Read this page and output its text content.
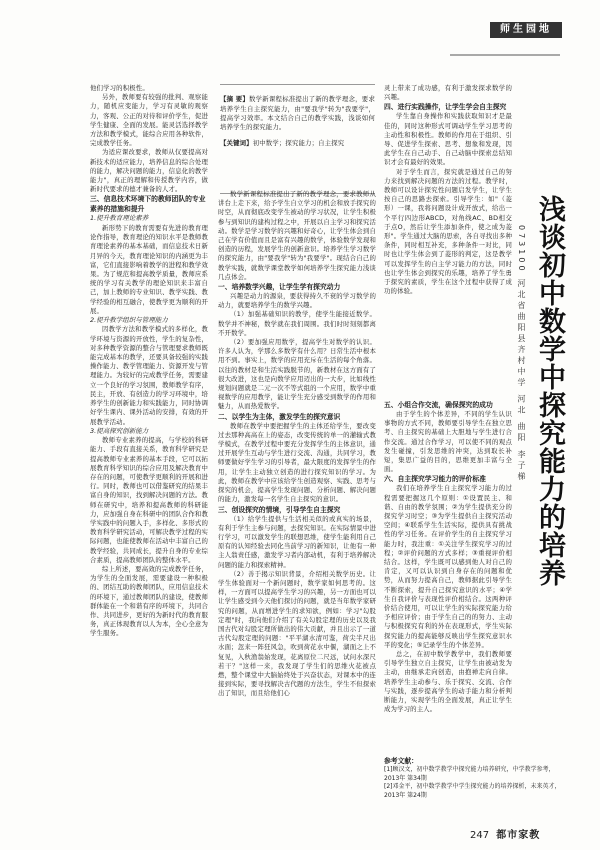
师生园地

他们学习的积极性。

另外，教师要有较强的批判、观察能力，随机应变能力，学习有灵敏的观察力，客观、公正的对待和评价学生，促进学生健康、全面的发展。能灵活选择教学方法和教学模式，能综合应用各种软件，完成教学任务。

为适应课改要求，教师从仅要提高对新技术的适应能力，培养信息的综合处理的能力，解决问题的能力，信息化的教学能力"，真正的理解和传授教学内容，做新时代要求的德才兼备的人才。

三、信息技术环境下的教师团队的专业素养的措施和提升
1.提升教育理论素养

新形势下的教育需要有先进的教育理论作指导，教育理论的知识水平是教师教育理论素养的基本基础，而信息技术日新月异的今天，教育理论知识的内涵更为丰富，它们直接影响着教学的进程和教学效果。为了规范和提高教学质量，教师应系统的学习有关教学的理论知识来丰富自己，加上教师的专业知识、教学实践、教学经验的相互融合，使教学更为顺利的开展。

2.提升教学组织与管理能力

因教学方法和教学模式的多样化，教学环境与资源的开放性，学生的复杂性，对多种教学资源的整合与管理要求教师既能完成基本的教学，还要具备较强的实践操作能力、教学管理能力、资源开发与管理能力。为较好的完成教学任务，需要建立一个良好的学习氛围，教师教学有序，民主，开放、有创造力的学习环境中，培养学生的创新能力和实践能力，同时协调好学生课内、课外活动的安排，有效的开展教学活动。

3.提高探究创新能力

教师专业素养的提高，与学校的科研能力、手段有直接关系，教育科学研究是提高教师专业素养的基本手段，它可以拓展教育科学知识的综合应用及解决教育中存在的问题，可使教学更顺利的开展和进行。同时，教师也可以借鉴研究的结果丰富自身的知识，找到解决问题的方法。教师在研究中，培养和提高教师的科研能力，应加强自身在科研中的团队合作和教学实践中的问题入手，多样化、多形式的教育科学研究活动，可解决教学过程的实际问题，也能使教师在活动中丰富自己的教学经验，共同成长，提升自身的专业综合素质，提高教师团队的整体水平。

综上所述，要高效的完成教学任务，为学生的全面发展，需要建设一种积极的、团结互助的教师团队，应用信息技术的环境下，通过教师团队的建设，使教师群体能在一个和谐有序的环境下，共同合作、共同进步，更好的为新时代的教育服务，真正体现教育以人为本，全心全意为学生服务。

【摘 要】数学新课程标准提出了新的教学理念，要求培养学生自主探究能力，由"要我学"转为"我要学"，提高学习效率。本文结合自己的教学实践，浅谈如何培养学生的探究能力。

【关键词】初中数学；探究能力；自主探究

数学新课程标准提出了新的教学理念，要求教师从讲台上走下来，给予学生自立学习的机会和放手探究的时空，从而彻底改变学生被动的学习状况，让学生积极参与到知识的建构过程之中，开展以自主学习和探究活动。数学是学习数学的兴趣和好奇心，让学生体会到自己在学有价值而且是富有兴趣的数学，体验数学发现和创造的历程，发展学生的创新意识。培养学生学习数学的探究能力，由"要我学"转为"我要学"。现结合自己的教学实践，就数学课堂教学如何培养学生探究能力浅谈几点体会。

一、培养数学兴趣，让学生学有探究动力

兴趣是动力的源泉，要获得持久不衰的学习数学的动力，就要培养学生的数学兴趣。

（1）加强基础知识的教学，使学生能接近数学。数学并不神秘，数学就在我们周围。我们时时刻刻都离不开数学。

（2）要加强应用数学，提高学生对数学的认识。许多人认为，学那么多数学有什么用？日常生活中根本用不到。事实上，数学的应用充斥在生活的每个角落。以往的教材是和生活实践脱节的，新教材在这方面有了很大改进，这也是向数学应用迈出的一大步，比如线性规划问题就是二元一次不等式组的一个应用，数学中重视数学的应用教学，能让学生充分感受到数学的作用和魅力，从而热爱数学。

二、以学生为主体，激发学生的探究意识

教师在教学中要把握学生的主体还给学生，要改变过去那种高高在上的姿态，改变传统的单一的灌输式教学模式，在教学过程中要充分发挥学生的主体意识，通过开展学生互动与学生进行交流、沟通，共同学习，教师要做好学生学习的引导者，最大限度的发挥学生的作用，让学生主动独立创造的进行探究知识的学习。为此，教师在教学中应该给学生创造观察、实践、思考与探究的机会，提高学生发现问题、分析问题、解决问题的能力，激发每一名学生自主探究的意识。

三、创设探究的情境，引导学生自主探究

（1）给学生提供与生活相关似的或真实的场景，有利于学生主参与问题，去探究知识。在实际情景中进行学习，可以激发学生的联想思维，使学生能利用自己原有的认知经验去同化当前学习的新知识，让他有一种主人翁责任感，激发学习者内部动机，有利于培养解决问题的能力和探索精神。

（2）善于揭示知识背景，介绍相关数学历史。让学生体验面对一个新问题时，数学家如何思考的。这样，一方面可以提高学生学习的兴趣，另一方面也可以让学生感受到今天他们探讨的问题，就是当年数学家研究的问题，从而增进学生的求知欲，例如：学习"勾股定理"时，我向他们介绍了有关勾股定理的历史以及我国古代对勾股定理所做出的伟大贡献，并且出示了一道古代勾股定理的问题："平平湖水清可鉴，荷尖半尺出水面；忽来一阵狂风急，吹到荷花水中偃，湖面之上不复见，入秋渔翁始发现，花离原位二尺远，试问水深尺若干？"这样一来，我发现了学生们的思维火花被点燃，整个课堂中大脑始终处于兴奋状态，对课本中的连接到实际，要寻找解决古代题的方法生，学生不但探索出了知识，而且给他们心

灵上带来了成功感，有利于激发探求数学的兴趣。

四、进行实践操作，让学生学会自主探究

学生靠自身操作和实践获取知识才是最佳的，同时这种形式可调动学生学习思考的主动性和积极性。教师的作用在于组织、引导、促进学生探索、思考、想象和发现，因此学生在自己动手、自己动脑中探索总结知识才会有最好的效果。

对于学生而言，探究就是通过自己的努力来找到解决问题的方法的过程。教学时，教师可以设计探究性问题启发学生，让学生按自己的思路去探索。引导学生：如"（菱形）一课，我将问题设计成开放式，给出一个平行四边形ABCD，对角线AC、BD相交于点O，然后让学生添加条件，使之成为菱形"。学生通过大脑的思索，各自寻找出多种条件，同时相互补充，多种条件一对比，同时也让学生体会到了菱形的判定，这是教学可以发挥学生的自主学习能力的方法，同时也让学生体会到探究的乐趣，培养了学生勇于探究的素质，学生在这个过程中获得了成功的体验。

五、小组合作交流，确保探究的成功

由于学生的个体差异，不同的学生认识事物的方式不同，教师要引导学生在独立思考、自主探究的基础上大胆地与学生进行合作交流。通过合作学习，可以使不同的观点发生碰撞，引发思维的冲突，达到取长补短，集思广益的目的，思维更加丰富与全面。

六、自主探究学习能力的评价标准

我们在培养学生自主探究学习能力的过程需要把握这几个原则：①设置民主、和谐、自由的教学氛围；②为学生提供充分的探究学习时空；③为学生提供自主探究活动空间；④联系学生生活实际，提供具有挑战性的学习任务。在评价学生的自主探究学习能力时，我注重：①关注学生探究学习的过程；②评价问题的方式多样；③重视评价相结合。这样，学生既可以感到他人对自己的肯定，又可以认识到自身存在的问题和优势，从而努力提高自己，教师据此引导学生不断探索，提升自己探究意识的水平；④学生自我评价与表现性评价相结合。这两种评价结合使用，可以让学生的实际探究能力给予相应评价；由于学生自己的的努力、主动与积极探究有利的外在表现形式，学生实际探究能力的提高能够反映出学生探究意识水平的变化；⑤记录学生的个体差异。

总之，在初中数学教学中，我们教师要引导学生独立自主探究，让学生由被动发为主动，由继承走向创造，由抱禅走向自律。培养学生主动参与、乐于探究、交流、合作与实践，逐步提高学生的动手能力和分析判断能力，实现学生的全面发展，真正让学生成为学习的主人。

参考文献：
[1]顾汉文，初中数学教学中探究能力培养研究，中学教学参考，2013年 第34期
[2]邓金平，初中数学教学中学生探究能力的培养探析，未来英才，2013年 第24期
073100 河北省曲阳县齐村中学 河北 曲阳 李子梯 浅谈初中数学中探究能力的培养
247 都市家教
